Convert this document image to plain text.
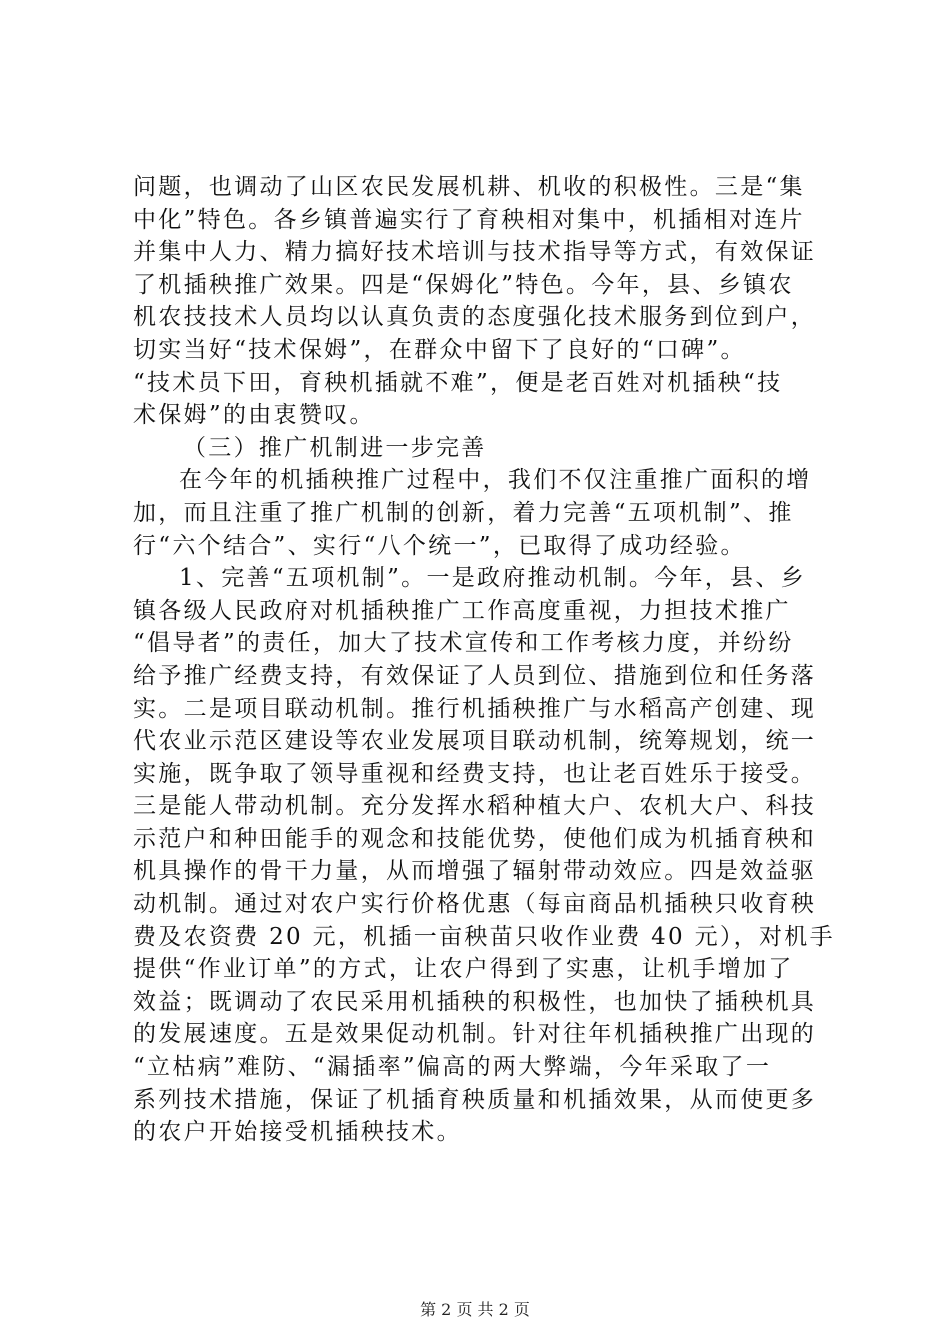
问题，也调动了山区农民发展机耕、机收的积极性。三是“集
中化”特色。各乡镇普遍实行了育秧相对集中，机插相对连片
并集中人力、精力搞好技术培训与技术指导等方式，有效保证
了机插秧推广效果。四是“保姆化”特色。今年，县、乡镇农
机农技技术人员均以认真负责的态度强化技术服务到位到户，
切实当好“技术保姆”，在群众中留下了良好的“口碑”。
“技术员下田，育秧机插就不难”，便是老百姓对机插秧“技
术保姆”的由衷赞叹。
（三）推广机制进一步完善
在今年的机插秧推广过程中，我们不仅注重推广面积的增
加，而且注重了推广机制的创新，着力完善“五项机制”、推
行“六个结合”、实行“八个统一”，已取得了成功经验。
1、完善“五项机制”。一是政府推动机制。今年，县、乡
镇各级人民政府对机插秧推广工作高度重视，力担技术推广
“倡导者”的责任，加大了技术宣传和工作考核力度，并纷纷
给予推广经费支持，有效保证了人员到位、措施到位和任务落
实。二是项目联动机制。推行机插秧推广与水稻高产创建、现
代农业示范区建设等农业发展项目联动机制，统筹规划，统一
实施，既争取了领导重视和经费支持，也让老百姓乐于接受。
三是能人带动机制。充分发挥水稻种植大户、农机大户、科技
示范户和种田能手的观念和技能优势，使他们成为机插育秧和
机具操作的骨干力量，从而增强了辐射带动效应。四是效益驱
动机制。通过对农户实行价格优惠（每亩商品机插秧只收育秧
费及农资费 20 元，机插一亩秧苗只收作业费 40 元），对机手
提供“作业订单”的方式，让农户得到了实惠，让机手增加了
效益；既调动了农民采用机插秧的积极性，也加快了插秧机具
的发展速度。五是效果促动机制。针对往年机插秧推广出现的
“立枯病”难防、“漏插率”偏高的两大弊端，今年采取了一
系列技术措施，保证了机插育秧质量和机插效果，从而使更多
的农户开始接受机插秧技术。
第 2 页 共 2 页
